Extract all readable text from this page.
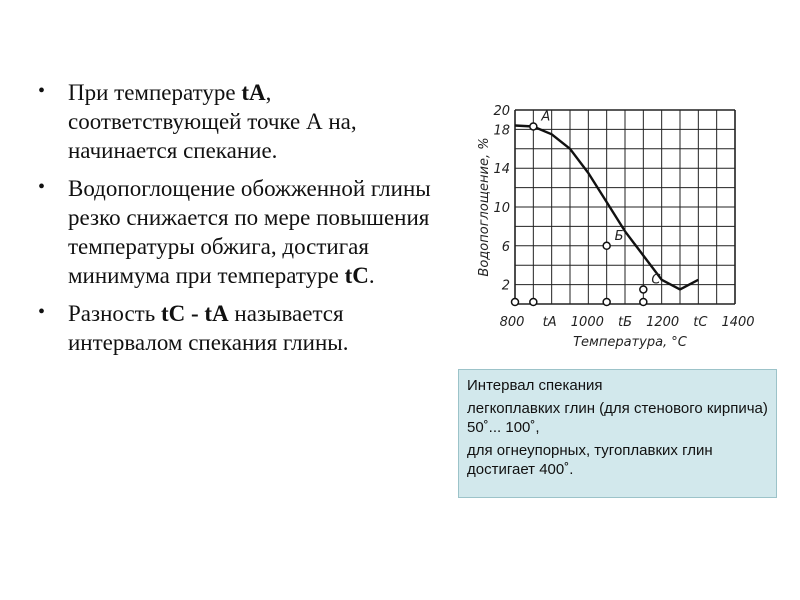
• При температуре tA, соответствующей точке А на, начинается спекание.
• Водопоглощение обожженной глины резко снижается по мере повышения температуры обжига, достигая минимума при температуре tC.
• Разность tC - tA называется интервалом спекания глины.
2
6
10
14
18
20
800 tА 1000 tБ 1200 tС 1400
Температура, °С
Водопоглощение, %
A
Б
С

Интервал спекания

легкоплавких глин (для стенового кирпича) 50˚... 100˚,

для огнеупорных, тугоплавких глин достигает 400˚.
